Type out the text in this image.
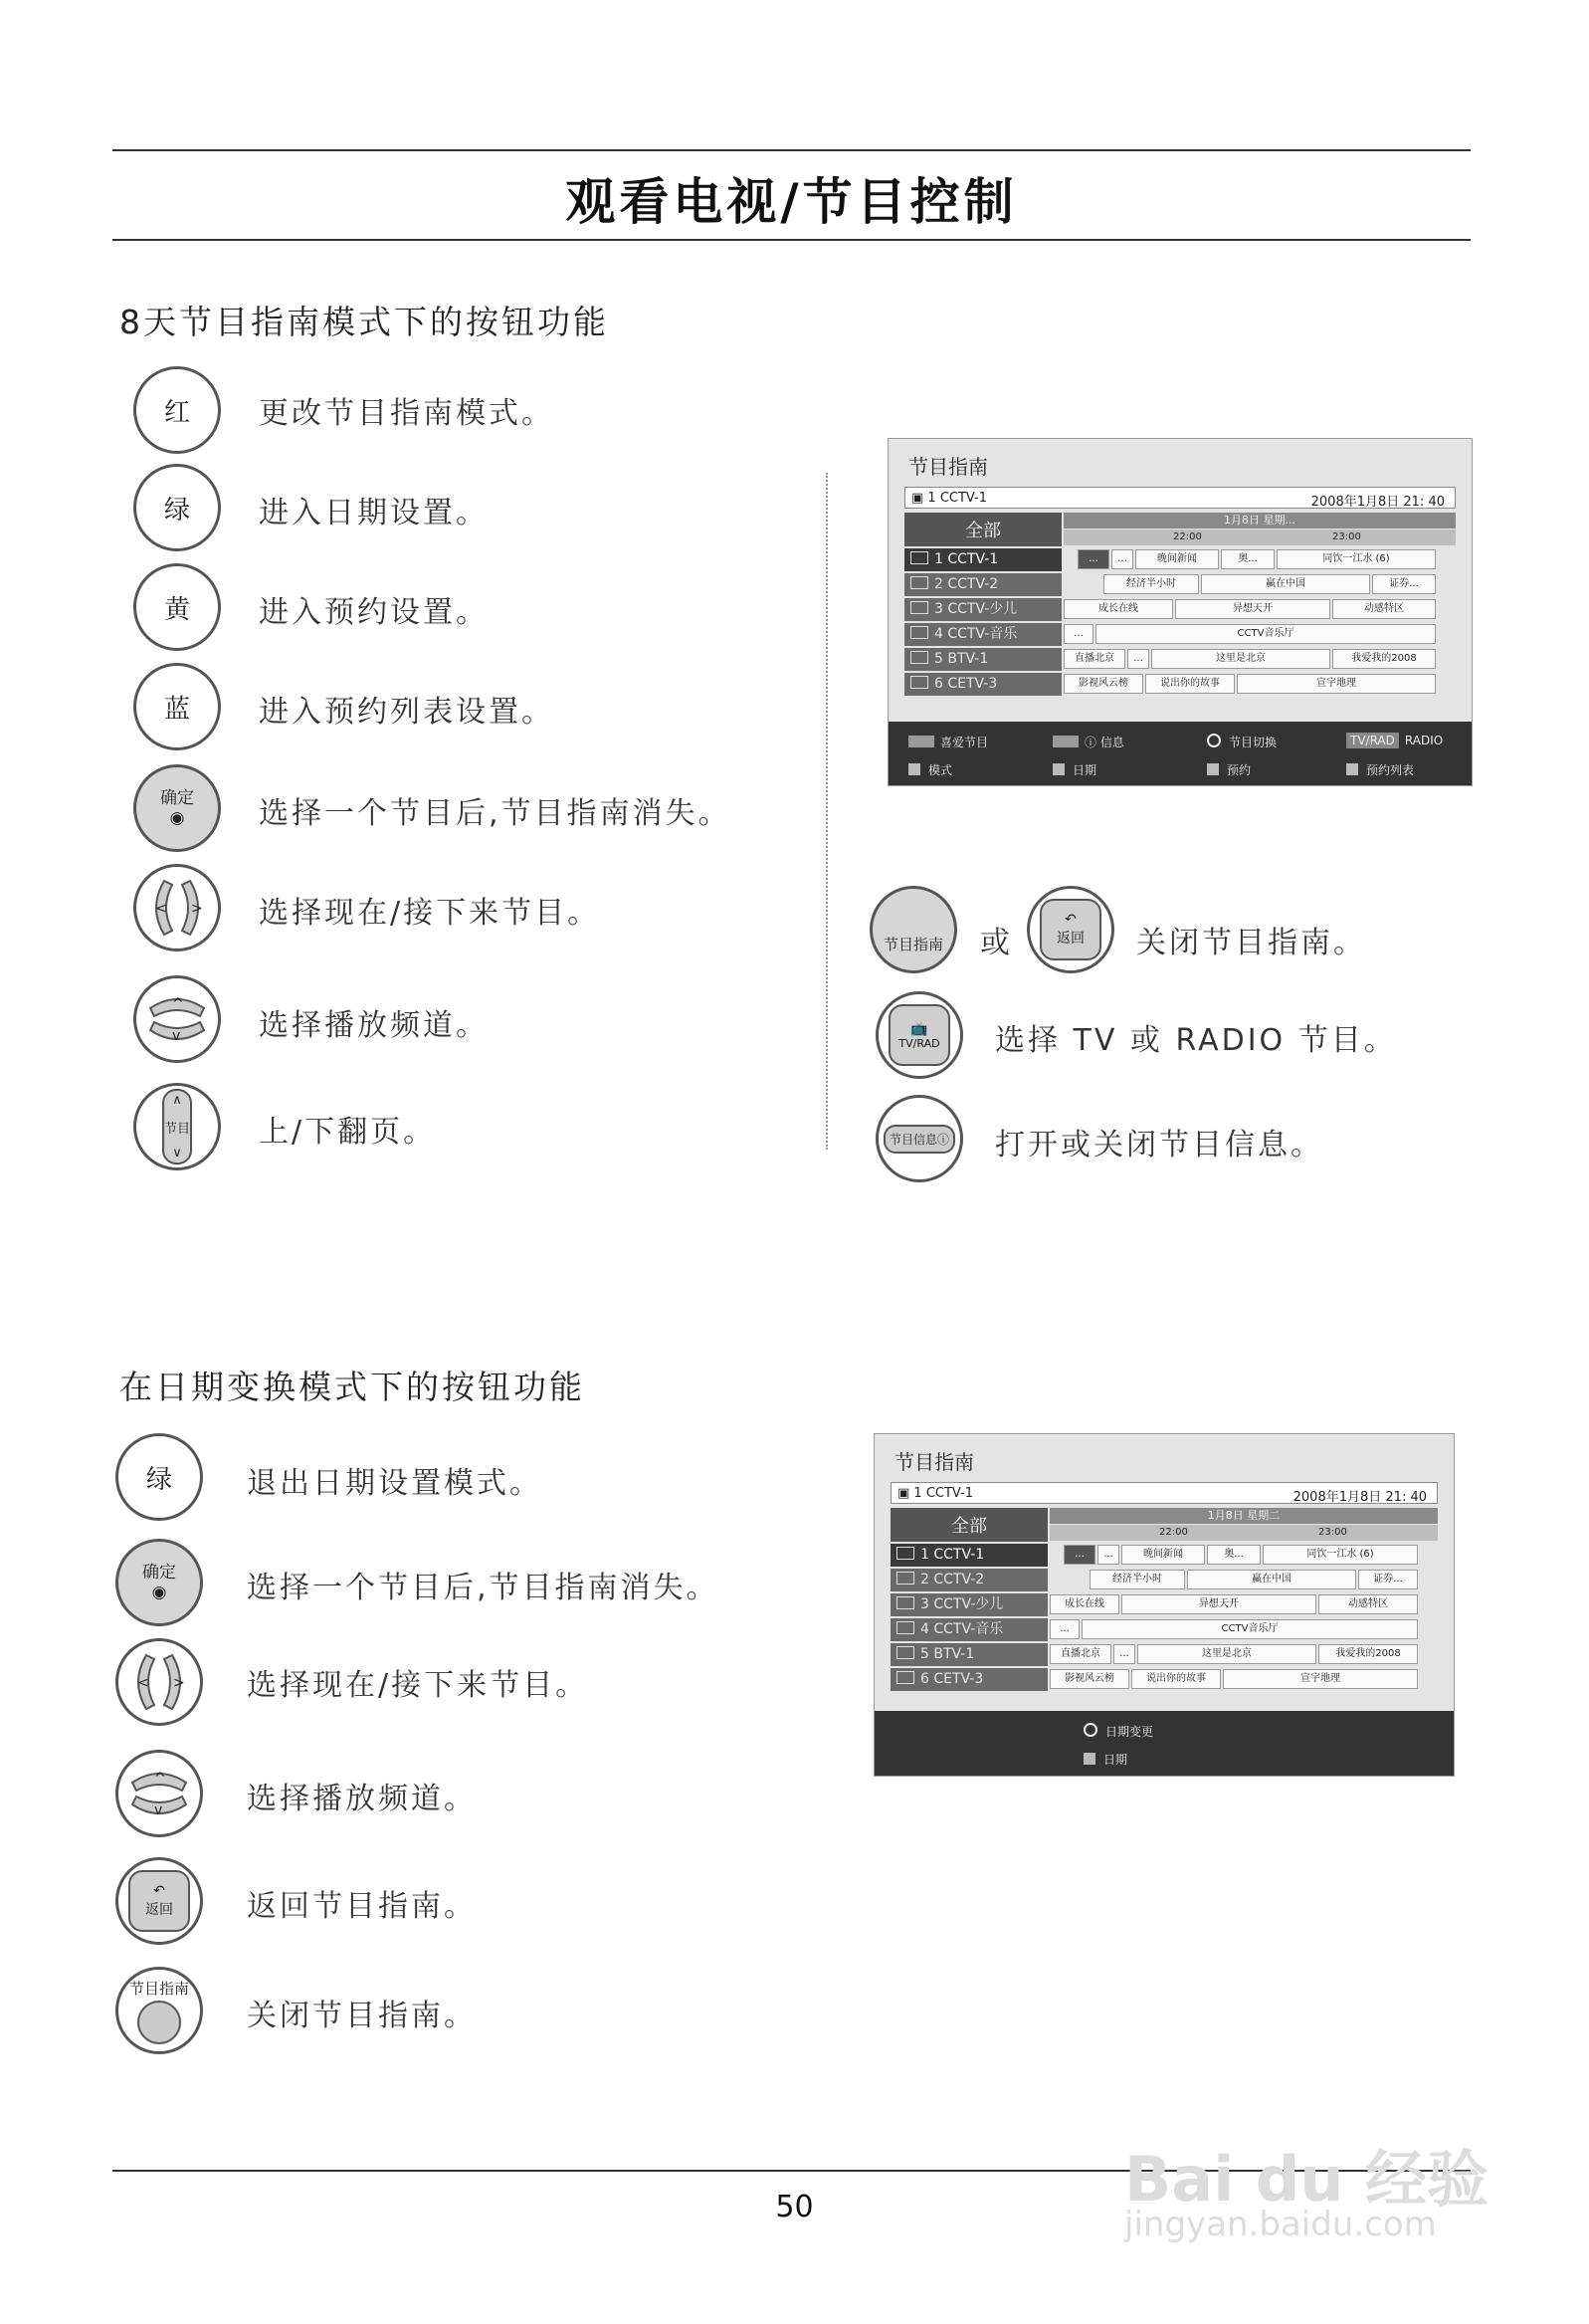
观看电视/节目控制
8天节目指南模式下的按钮功能
红 更改节目指南模式。
绿 进入日期设置。
黄 进入预约设置。
蓝 进入预约列表设置。
确定
◉	选择一个节目后,节目指南消失。
< > 选择现在/接下来节目。
^
v	选择播放频道。
∧
节目
∨
上/下翻页。
节目指南
▣ 1 CCTV-1	2008年1月8日 21: 40
全部
1月8日 星期...
22:00	23:00
1 CCTV-1	...	...	晚间新闻	奥...	同饮一江水 (6)
2 CCTV-2	经济半小时	赢在中国	证券...
3 CCTV-少儿	成长在线	异想天开	动感特区
4 CCTV-音乐	...	CCTV音乐厅
5 BTV-1	直播北京	...	这里是北京	我爱我的2008
6 CETV-3	影视风云榜	说出你的故事	宣宇地理
喜爱节目	ⓘ 信息	节目切换	TV/RAD RADIO
模式	日期	预约	预约列表
节目指南 或
↶
返回 关闭节目指南。
📺
TV/RAD 选择 TV 或 RADIO 节目。
节目信息ⓘ 打开或关闭节目信息。
在日期变换模式下的按钮功能
绿	退出日期设置模式。
确定
◉	选择一个节目后,节目指南消失。
< > 选择现在/接下来节目。
^
v	选择播放频道。
↶
返回 返回节目指南。
节目指南
关闭节目指南。
节目指南
▣ 1 CCTV-1	2008年1月8日 21: 40
全部
1月8日 星期二
22:00	23:00
1 CCTV-1	...	...	晚间新闻	奥...	同饮一江水 (6)
2 CCTV-2	经济半小时	赢在中国	证券...
3 CCTV-少儿	成长在线	异想天开	动感特区
4 CCTV-音乐	...	CCTV音乐厅
5 BTV-1	直播北京	...	这里是北京	我爱我的2008
6 CETV-3	影视风云榜	说出你的故事	宣宇地理
日期变更
日期
50	Bai du 经验
jingyan.baidu.com
